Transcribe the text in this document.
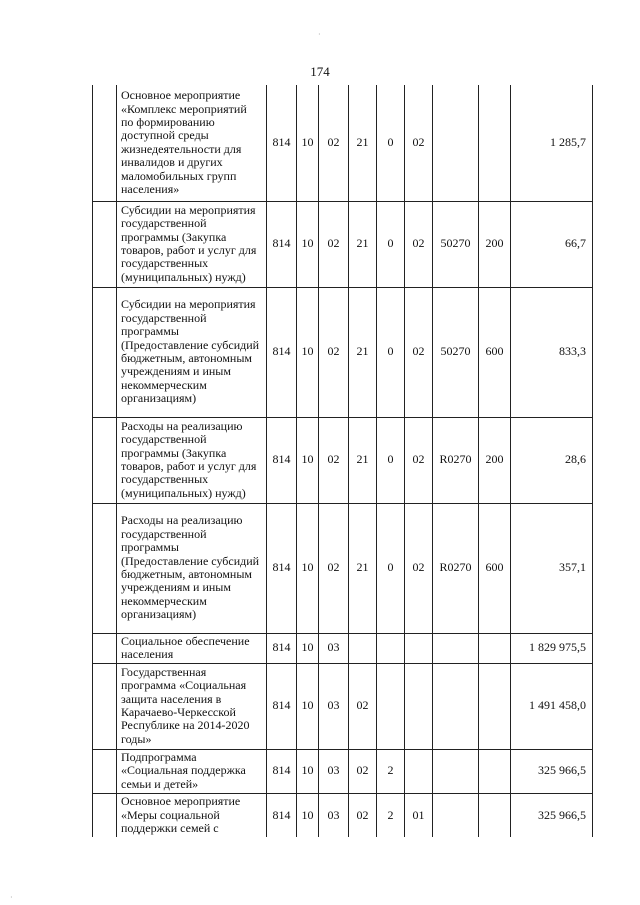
174
	Основное мероприятие «Комплекс мероприятий по формированию доступной среды жизнедеятельности для инвалидов и других маломобильных групп населения»	814	10	02	21	0	02			1 285,7
	Субсидии на мероприятия государственной программы (Закупка товаров, работ и услуг для государственных (муниципальных) нужд)	814	10	02	21	0	02	50270	200	66,7
	Субсидии на мероприятия государственной программы (Предоставление субсидий бюджетным, автономным учреждениям и иным некоммерческим организациям)	814	10	02	21	0	02	50270	600	833,3
	Расходы на реализацию государственной программы (Закупка товаров, работ и услуг для государственных (муниципальных) нужд)	814	10	02	21	0	02	R0270	200	28,6
	Расходы на реализацию государственной программы (Предоставление субсидий бюджетным, автономным учреждениям и иным некоммерческим организациям)	814	10	02	21	0	02	R0270	600	357,1
	Социальное обеспечение населения	814	10	03						1 829 975,5
	Государственная программа «Социальная защита населения в Карачаево-Черкесской Республике на 2014-2020 годы»	814	10	03	02					1 491 458,0
	Подпрограмма «Социальная поддержка семьи и детей»	814	10	03	02	2				325 966,5
	Основное мероприятие «Меры социальной поддержки семей с	814	10	03	02	2	01			325 966,5
·
·
